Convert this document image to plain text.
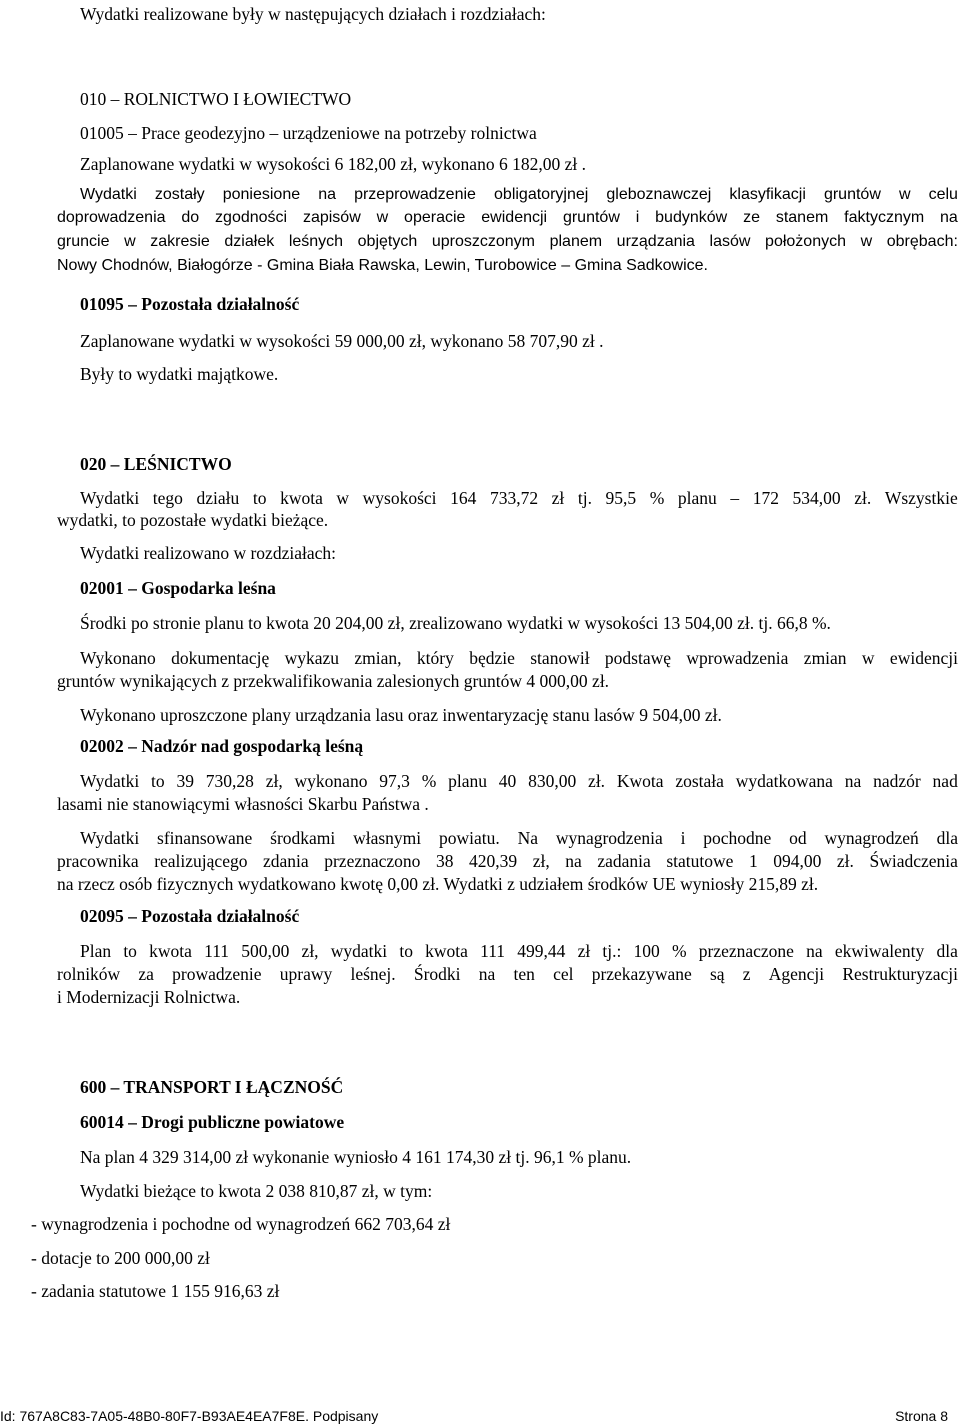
Wydatki realizowane były w następujących działach i rozdziałach:

010 – ROLNICTWO I ŁOWIECTWO

01005 – Prace geodezyjno – urządzeniowe na potrzeby rolnictwa

Zaplanowane wydatki w wysokości 6 182,00 zł, wykonano 6 182,00 zł .

Wydatki zostały poniesione na przeprowadzenie obligatoryjnej gleboznawczej klasyfikacji gruntów w celu
doprowadzenia do zgodności zapisów w operacie ewidencji gruntów i budynków ze stanem faktycznym na
gruncie w zakresie działek leśnych objętych uproszczonym planem urządzania lasów położonych w obrębach:

Nowy Chodnów, Białogórze - Gmina Biała Rawska, Lewin, Turobowice – Gmina Sadkowice.

01095 – Pozostała działalność

Zaplanowane wydatki w wysokości 59 000,00 zł, wykonano 58 707,90 zł .

Były to wydatki majątkowe.

020 – LEŚNICTWO

Wydatki tego działu to kwota w wysokości 164 733,72 zł tj. 95,5 % planu – 172 534,00 zł. Wszystkie

wydatki, to pozostałe wydatki bieżące.

Wydatki realizowano w rozdziałach:

02001 – Gospodarka leśna

Środki po stronie planu to kwota 20 204,00 zł, zrealizowano wydatki w wysokości 13 504,00 zł. tj. 66,8 %.

Wykonano dokumentację wykazu zmian, który będzie stanowił podstawę wprowadzenia zmian w ewidencji

gruntów wynikających z przekwalifikowania zalesionych gruntów 4 000,00 zł.

Wykonano uproszczone plany urządzania lasu oraz inwentaryzację stanu lasów 9 504,00 zł.

02002 – Nadzór nad gospodarką leśną

Wydatki to 39 730,28 zł, wykonano 97,3 % planu 40 830,00 zł. Kwota została wydatkowana na nadzór nad

lasami nie stanowiącymi własności Skarbu Państwa .

Wydatki sfinansowane środkami własnymi powiatu. Na wynagrodzenia i pochodne od wynagrodzeń dla
pracownika realizującego zdania przeznaczono 38 420,39 zł, na zadania statutowe 1 094,00 zł. Świadczenia

na rzecz osób fizycznych wydatkowano kwotę 0,00 zł. Wydatki z udziałem środków UE wyniosły 215,89 zł.

02095 – Pozostała działalność

Plan to kwota 111 500,00 zł, wydatki to kwota 111 499,44 zł tj.: 100 % przeznaczone na ekwiwalenty dla
rolników za prowadzenie uprawy leśnej. Środki na ten cel przekazywane są z Agencji Restrukturyzacji

i Modernizacji Rolnictwa.

600 – TRANSPORT I ŁĄCZNOŚĆ

60014 – Drogi publiczne powiatowe

Na plan 4 329 314,00 zł wykonanie wyniosło 4 161 174,30 zł tj. 96,1 % planu.

Wydatki bieżące to kwota 2 038 810,87 zł, w tym:

- wynagrodzenia i pochodne od wynagrodzeń 662 703,64 zł

- dotacje to 200 000,00 zł

- zadania statutowe 1 155 916,63 zł

Id: 767A8C83-7A05-48B0-80F7-B93AE4EA7F8E. Podpisany	Strona 8
